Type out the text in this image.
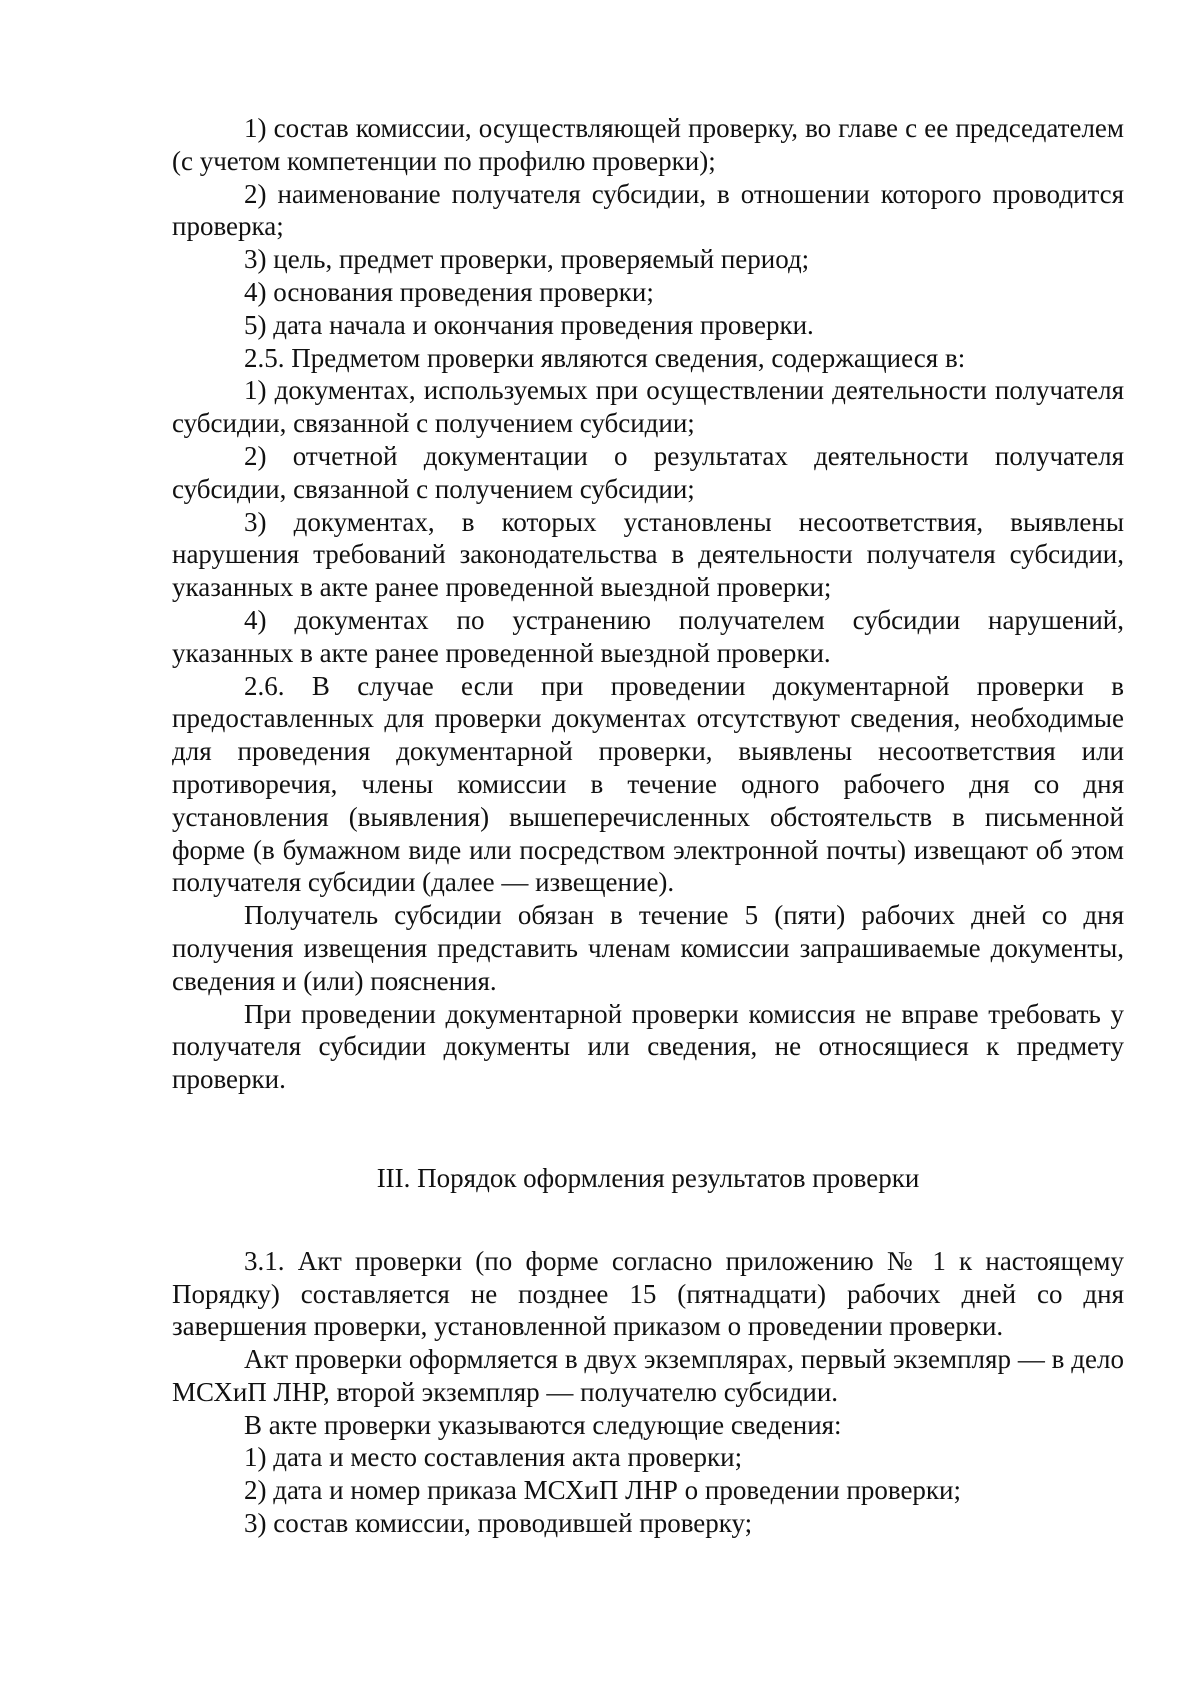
1) состав комиссии, осуществляющей проверку, во главе с ее председателем (с учетом компетенции по профилю проверки);

2) наименование получателя субсидии, в отношении которого проводится проверка;

3) цель, предмет проверки, проверяемый период;

4) основания проведения проверки;

5) дата начала и окончания проведения проверки.

2.5. Предметом проверки являются сведения, содержащиеся в:

1) документах, используемых при осуществлении деятельности получателя субсидии, связанной с получением субсидии;

2) отчетной документации о результатах деятельности получателя субсидии, связанной с получением субсидии;

3) документах, в которых установлены несоответствия, выявлены нарушения требований законодательства в деятельности получателя субсидии, указанных в акте ранее проведенной выездной проверки;

4) документах по устранению получателем субсидии нарушений, указанных в акте ранее проведенной выездной проверки.

2.6. В случае если при проведении документарной проверки в предоставленных для проверки документах отсутствуют сведения, необходимые для проведения документарной проверки, выявлены несоответствия или противоречия, члены комиссии в течение одного рабочего дня со дня установления (выявления) вышеперечисленных обстоятельств в письменной форме (в бумажном виде или посредством электронной почты) извещают об этом получателя субсидии (далее — извещение).

Получатель субсидии обязан в течение 5 (пяти) рабочих дней со дня получения извещения представить членам комиссии запрашиваемые документы, сведения и (или) пояснения.

При проведении документарной проверки комиссия не вправе требовать у получателя субсидии документы или сведения, не относящиеся к предмету проверки.

III. Порядок оформления результатов проверки

3.1. Акт проверки (по форме согласно приложению № 1 к настоящему Порядку) составляется не позднее 15 (пятнадцати) рабочих дней со дня завершения проверки, установленной приказом о проведении проверки.

Акт проверки оформляется в двух экземплярах, первый экземпляр — в дело МСХиП ЛНР, второй экземпляр — получателю субсидии.

В акте проверки указываются следующие сведения:

1) дата и место составления акта проверки;

2) дата и номер приказа МСХиП ЛНР о проведении проверки;

3) состав комиссии, проводившей проверку;
